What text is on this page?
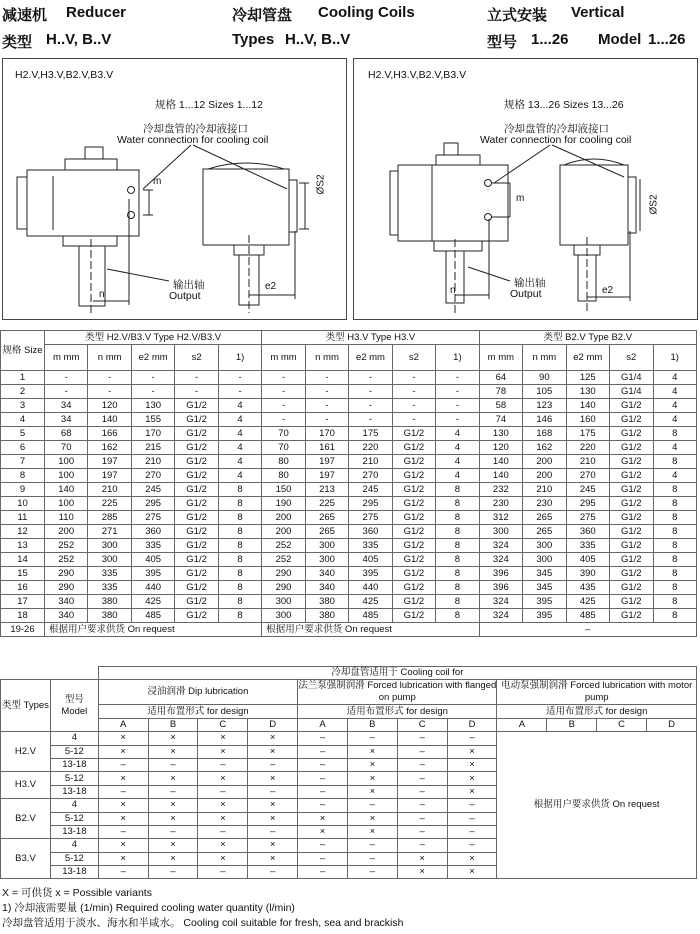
减速机 Reducer	冷却管盘 Cooling Coils	立式安装 Vertical
类型 H..V, B..V	Types H..V, B..V	型号 1...26 Model 1...26
H2.V,H3.V,B2.V,B3.V
规格 1...12 Sizes 1...12
冷却盘管的冷却液接口
Water connection for cooling coil
输出轴
Output
m
n
e2
ØS2
H2.V,H3.V,B2.V,B3.V
规格 13...26 Sizes 13...26
冷却盘管的冷却液接口
Water connection for cooling coil
输出轴
Output
m
n	e2
ØS2
规格 Size	类型 H2.V/B3.V Type H2.V/B3.V					类型 H3.V Type H3.V					类型 B2.V Type B2.V				
	m mm	n mm	e2 mm	s2	1)	m mm	n mm	e2 mm	s2	1)	m mm	n mm	e2 mm	s2	1)
1	-	-	-	-	-	-	-	-	-	-	64	90	125	G1/4	4
2	-	-	-	-	-	-	-	-	-	-	78	105	130	G1/4	4
3	34	120	130	G1/2	4	-	-	-	-	-	58	123	140	G1/2	4
4	34	140	155	G1/2	4	-	-	-	-	-	74	146	160	G1/2	4
5	68	166	170	G1/2	4	70	170	175	G1/2	4	130	168	175	G1/2	8
6	70	162	215	G1/2	4	70	161	220	G1/2	4	120	162	220	G1/2	4
7	100	197	210	G1/2	4	80	197	210	G1/2	4	140	200	210	G1/2	8
8	100	197	270	G1/2	4	80	197	270	G1/2	4	140	200	270	G1/2	4
9	140	210	245	G1/2	8	150	213	245	G1/2	8	232	210	245	G1/2	8
10	100	225	295	G1/2	8	190	225	295	G1/2	8	230	230	295	G1/2	8
11	110	285	275	G1/2	8	200	265	275	G1/2	8	312	265	275	G1/2	8
12	200	271	360	G1/2	8	200	265	360	G1/2	8	300	265	360	G1/2	8
13	252	300	335	G1/2	8	252	300	335	G1/2	8	324	300	335	G1/2	8
14	252	300	405	G1/2	8	252	300	405	G1/2	8	324	300	405	G1/2	8
15	290	335	395	G1/2	8	290	340	395	G1/2	8	396	345	390	G1/2	8
16	290	335	440	G1/2	8	290	340	440	G1/2	8	396	345	435	G1/2	8
17	340	380	425	G1/2	8	300	380	425	G1/2	8	324	395	425	G1/2	8
18	340	380	485	G1/2	8	300	380	485	G1/2	8	324	395	485	G1/2	8
19-26	根据用户要求供货 On request					根据用户要求供货 On request					–				
		冷却盘管适用于 Cooling coil for											
类型 Types	型号 Model	浸油润滑 Dip lubrication				法兰泵强制润滑 Forced lubrication with flanged on pump				电动泵强制润滑 Forced lubrication with motor pump			

		适用布置形式 for design				适用布置形式 for design				适用布置形式 for design			
		A	B	C	D	A	B	C	D	A	B	C	D
H2.V	4	×	×	×	×	–	–	–	–	根据用户要求供货 On request			
	5-12	×	×	×	×	–	×	–	×				
	13-18	–	–	–	–	–	×	–	×				
H3.V	5-12	×	×	×	×	–	×	–	×				
	13-18	–	–	–	–	–	×	–	×				
B2.V	4	×	×	×	×	–	–	–	–				
	5-12	×	×	×	×	×	×	–	–				
	13-18	–	–	–	–	×	×	–	–				
B3.V	4	×	×	×	×	–	–	–	–				
	5-12	×	×	×	×	–	–	×	×				
	13-18	–	–	–	–	–	–	×	×				
X = 可供货 x = Possible variants
1) 冷却液需要量 (1/min) Required cooling water quantity (l/min)
冷却盘管适用于淡水、海水和半咸水。 Cooling coil suitable for fresh, sea and brackish
